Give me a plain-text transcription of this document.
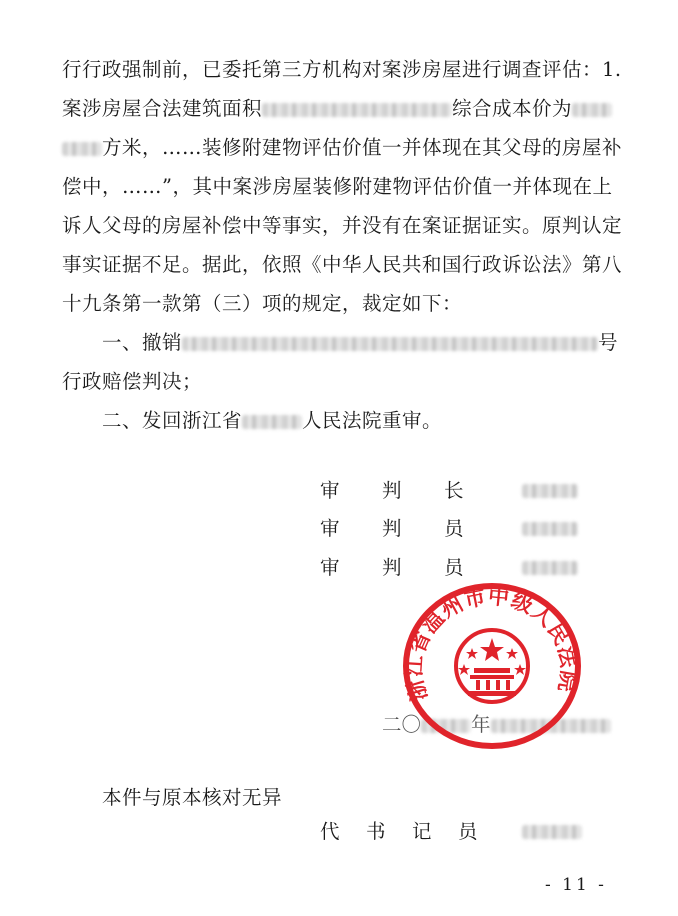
行行政强制前，已委托第三方机构对案涉房屋进行调查评估：1.
案涉房屋合法建筑面积	综合成本价为
方米，……装修附建物评估价值一并体现在其父母的房屋补
偿中，……”，其中案涉房屋装修附建物评估价值一并体现在上
诉人父母的房屋补偿中等事实，并没有在案证据证实。原判认定
事实证据不足。据此，依照《中华人民共和国行政诉讼法》第八
十九条第一款第（三）项的规定，裁定如下：
一、撤销	号
行政赔偿判决；
二、发回浙江省	人民法院重审。
审 判 长
审 判 员
审 判 员
二〇	年
浙江省温州市中级人民法院
本件与原本核对无异
代 书 记 员
- 11 -
